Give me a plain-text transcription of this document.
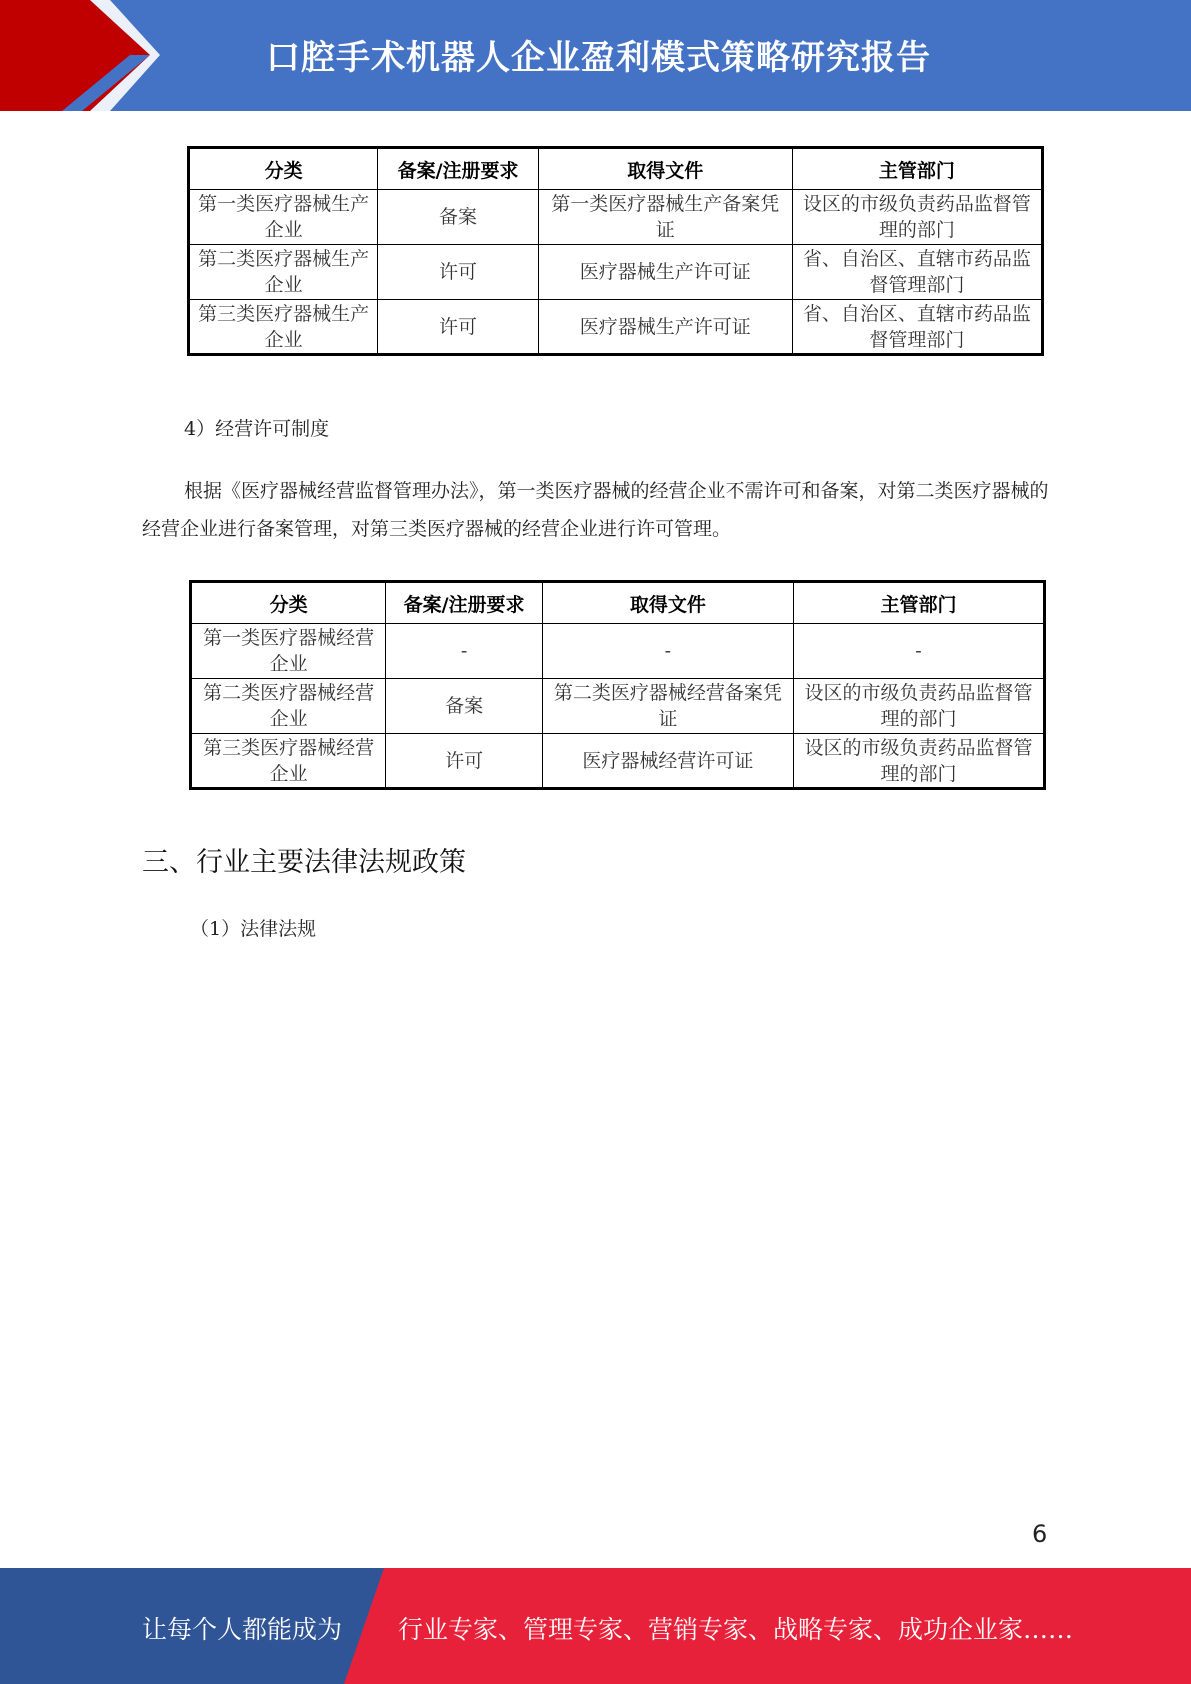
口腔手术机器人企业盈利模式策略研究报告
分类	备案/注册要求	取得文件	主管部门
第一类医疗器械生产企业	备案	第一类医疗器械生产备案凭证	设区的市级负责药品监督管理的部门
第二类医疗器械生产企业	许可	医疗器械生产许可证	省、自治区、直辖市药品监督管理部门
第三类医疗器械生产企业	许可	医疗器械生产许可证	省、自治区、直辖市药品监督管理部门
4）经营许可制度
根据《医疗器械经营监督管理办法》，第一类医疗器械的经营企业不需许可和备案，对第二类医疗器械的经营企业进行备案管理，对第三类医疗器械的经营企业进行许可管理。
分类	备案/注册要求	取得文件	主管部门
第一类医疗器械经营企业	-	-	-
第二类医疗器械经营企业	备案	第二类医疗器械经营备案凭证	设区的市级负责药品监督管理的部门
第三类医疗器械经营企业	许可	医疗器械经营许可证	设区的市级负责药品监督管理的部门
三、行业主要法律法规政策
（1）法律法规
6
让每个人都能成为 行业专家、管理专家、营销专家、战略专家、成功企业家……
